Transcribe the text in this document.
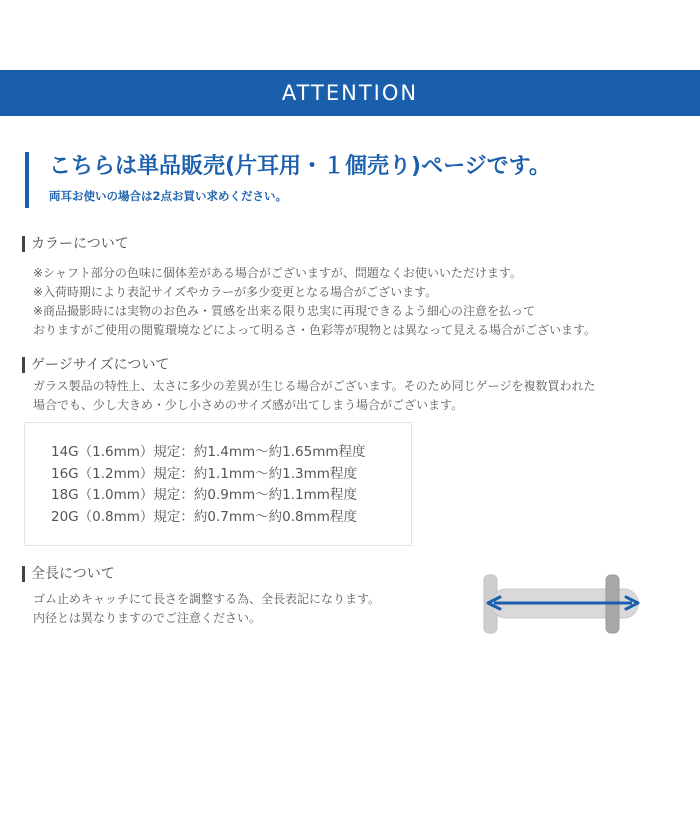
ATTENTION
こちらは単品販売(片耳用・１個売り)ページです。
両耳お使いの場合は2点お買い求めください。
カラーについて
※シャフト部分の色味に個体差がある場合がございますが、問題なくお使いいただけます。
※入荷時期により表記サイズやカラーが多少変更となる場合がございます。
※商品撮影時には実物のお色み・質感を出来る限り忠実に再現できるよう細心の注意を払って
おりますがご使用の閲覧環境などによって明るさ・色彩等が現物とは異なって見える場合がございます。
ゲージサイズについて
ガラス製品の特性上、太さに多少の差異が生じる場合がございます。そのため同じゲージを複数買われた
場合でも、少し大きめ・少し小さめのサイズ感が出てしまう場合がございます。
14G（1.6mm）規定：約1.4mm～約1.65mm程度
16G（1.2mm）規定：約1.1mm～約1.3mm程度
18G（1.0mm）規定：約0.9mm～約1.1mm程度
20G（0.8mm）規定：約0.7mm～約0.8mm程度
全長について
ゴム止めキャッチにて長さを調整する為、全長表記になります。
内径とは異なりますのでご注意ください。
